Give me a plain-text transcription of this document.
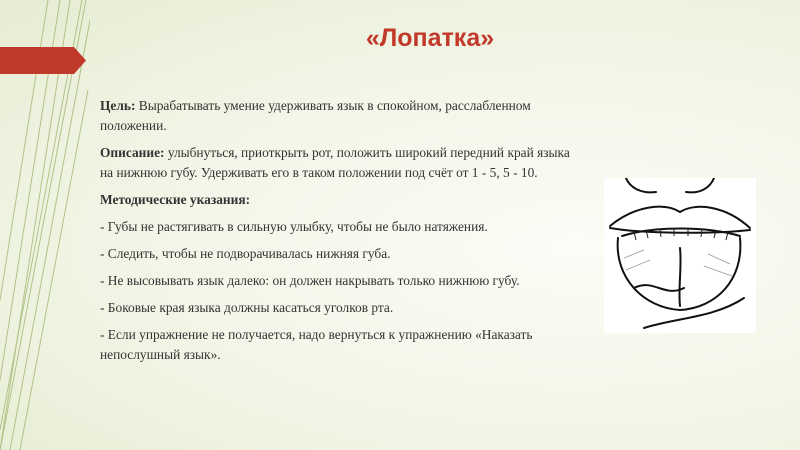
«Лопатка»

Цель: Вырабатывать умение удерживать язык в спокойном, расслабленном положении.

Описание: улыбнуться, приоткрыть рот, положить широкий передний край языка на нижнюю губу. Удерживать его в таком положении под счёт от 1 - 5, 5 - 10.

Методические указания:

- Губы не растягивать в сильную улыбку, чтобы не было натяжения.
- Следить, чтобы не подворачивалась нижняя губа.
- Не высовывать язык далеко: он должен накрывать только нижнюю губу.
- Боковые края языка должны касаться уголков рта.
- Если упражнение не получается, надо вернуться к упражнению «Наказать непослушный язык».
